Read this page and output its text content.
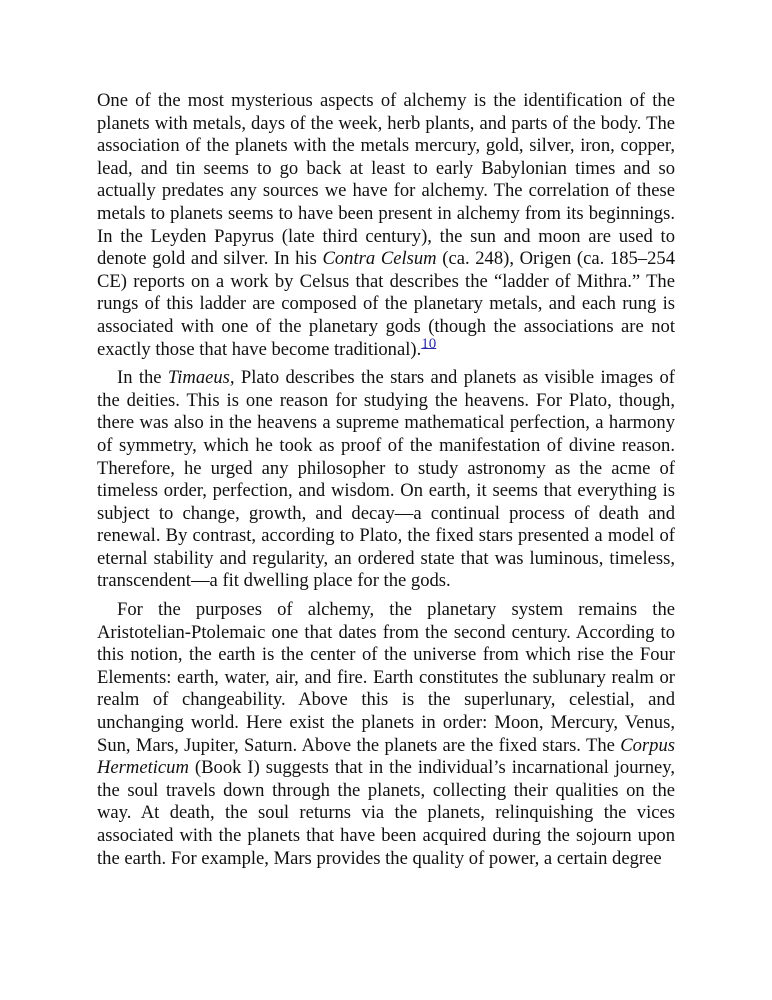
One of the most mysterious aspects of alchemy is the identification of the planets with metals, days of the week, herb plants, and parts of the body. The association of the planets with the metals mercury, gold, silver, iron, copper, lead, and tin seems to go back at least to early Babylonian times and so actually predates any sources we have for alchemy. The correlation of these metals to planets seems to have been present in alchemy from its beginnings. In the Leyden Papyrus (late third century), the sun and moon are used to denote gold and silver. In his Contra Celsum (ca. 248), Origen (ca. 185–254 CE) reports on a work by Celsus that describes the “ladder of Mithra.” The rungs of this ladder are composed of the planetary metals, and each rung is associated with one of the planetary gods (though the associations are not exactly those that have become traditional).$^{10}$

In the Timaeus, Plato describes the stars and planets as visible images of the deities. This is one reason for studying the heavens. For Plato, though, there was also in the heavens a supreme mathematical perfection, a harmony of symmetry, which he took as proof of the manifestation of divine reason. Therefore, he urged any philosopher to study astronomy as the acme of timeless order, perfection, and wisdom. On earth, it seems that everything is subject to change, growth, and decay—a continual process of death and renewal. By contrast, according to Plato, the fixed stars presented a model of eternal stability and regularity, an ordered state that was luminous, timeless, transcendent—a fit dwelling place for the gods.

For the purposes of alchemy, the planetary system remains the Aristotelian-Ptolemaic one that dates from the second century. According to this notion, the earth is the center of the universe from which rise the Four Elements: earth, water, air, and fire. Earth constitutes the sublunary realm or realm of changeability. Above this is the superlunary, celestial, and unchanging world. Here exist the planets in order: Moon, Mercury, Venus, Sun, Mars, Jupiter, Saturn. Above the planets are the fixed stars. The Corpus Hermeticum (Book I) suggests that in the individual’s incarnational journey, the soul travels down through the planets, collecting their qualities on the way. At death, the soul returns via the planets, relinquishing the vices associated with the planets that have been acquired during the sojourn upon the earth. For example, Mars provides the quality of power, a certain degree
